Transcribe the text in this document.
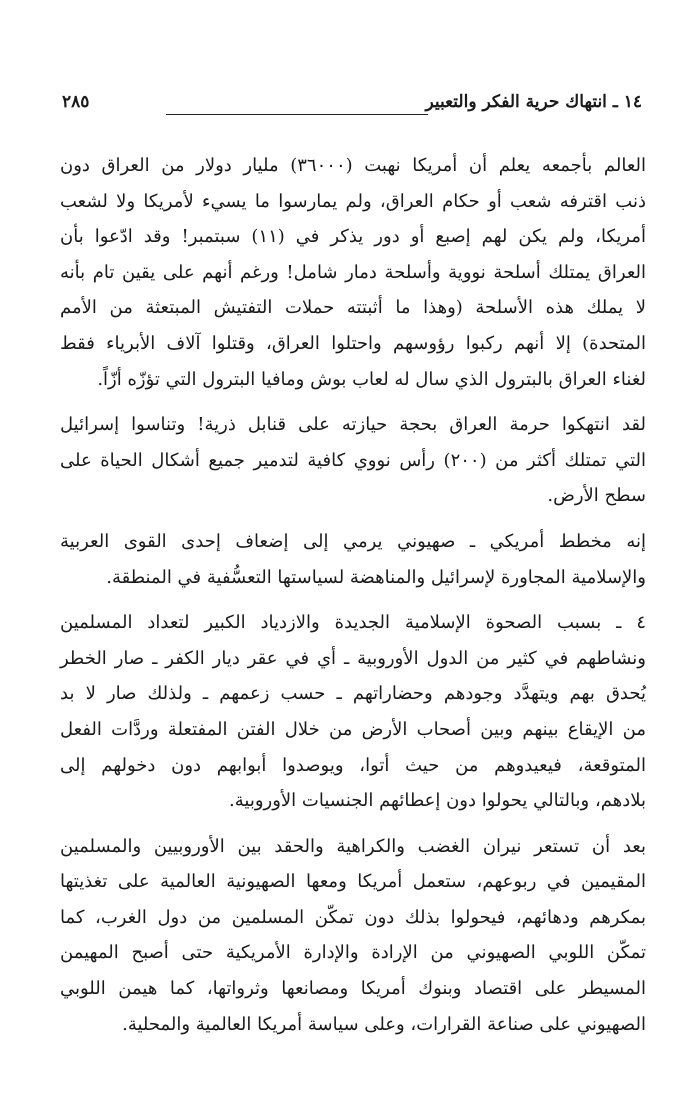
١٤ ـ انتهاك حرية الفكر والتعبير
٢٨٥
العالم بأجمعه يعلم أن أمريكا نهبت (٣٦٠٠٠) مليار دولار من العراق دون
ذنب اقترفه شعب أو حكام العراق، ولم يمارسوا ما يسيء لأمريكا ولا لشعب
أمريكا، ولم يكن لهم إصبع أو دور يذكر في (١١) سبتمبر! وقد ادّعوا بأن
العراق يمتلك أسلحة نووية وأسلحة دمار شامل! ورغم أنهم على يقين تام بأنه
لا يملك هذه الأسلحة (وهذا ما أثبتته حملات التفتيش المبتعثة من الأمم
المتحدة) إلا أنهم ركبوا رؤوسهم واحتلوا العراق، وقتلوا آلاف الأبرياء فقط
لغناء العراق بالبترول الذي سال له لعاب بوش ومافيا البترول التي تؤزّه أزّاً.
لقد انتهكوا حرمة العراق بحجة حيازته على قنابل ذرية! وتناسوا إسرائيل
التي تمتلك أكثر من (٢٠٠) رأس نووي كافية لتدمير جميع أشكال الحياة على
سطح الأرض.
إنه مخطط أمريكي ـ صهيوني يرمي إلى إضعاف إحدى القوى العربية
والإسلامية المجاورة لإسرائيل والمناهضة لسياستها التعسُّفية في المنطقة.
٤ ـ بسبب الصحوة الإسلامية الجديدة والازدياد الكبير لتعداد المسلمين
ونشاطهم في كثير من الدول الأوروبية ـ أي في عقر ديار الكفر ـ صار الخطر
يُحدق بهم ويتهدَّد وجودهم وحضاراتهم ـ حسب زعمهم ـ ولذلك صار لا بد
من الإيقاع بينهم وبين أصحاب الأرض من خلال الفتن المفتعلة وردَّات الفعل
المتوقعة، فيعيدوهم من حيث أتوا، ويوصدوا أبوابهم دون دخولهم إلى
بلادهم، وبالتالي يحولوا دون إعطائهم الجنسيات الأوروبية.
بعد أن تستعر نيران الغضب والكراهية والحقد بين الأوروبيين والمسلمين
المقيمين في ربوعهم، ستعمل أمريكا ومعها الصهيونية العالمية على تغذيتها
بمكرهم ودهائهم، فيحولوا بذلك دون تمكّن المسلمين من دول الغرب، كما
تمكّن اللوبي الصهيوني من الإرادة والإدارة الأمريكية حتى أصبح المهيمن
المسيطر على اقتصاد وبنوك أمريكا ومصانعها وثرواتها، كما هيمن اللوبي
الصهيوني على صناعة القرارات، وعلى سياسة أمريكا العالمية والمحلية.
